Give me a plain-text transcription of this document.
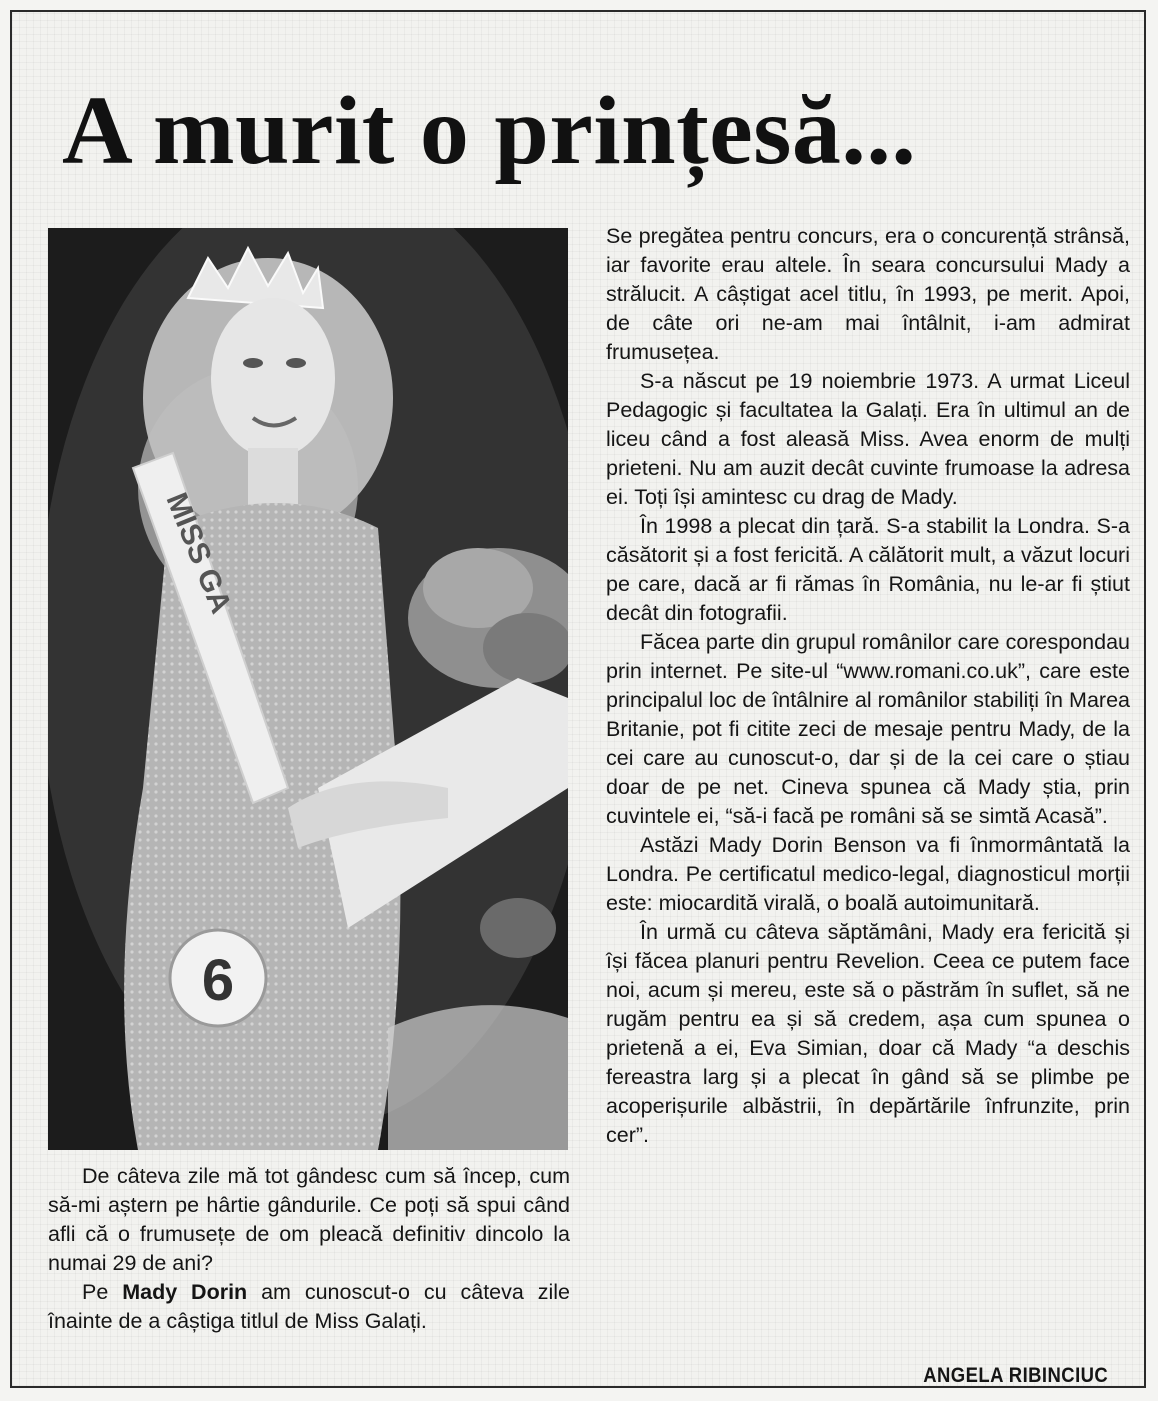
A murit o prințesă...
MISS GA
6

De câteva zile mă tot gândesc cum să încep, cum să-mi aștern pe hârtie gândurile. Ce poți să spui când afli că o frumusețe de om pleacă definitiv dincolo la numai 29 de ani?

Pe Mady Dorin am cunoscut-o cu câteva zile înainte de a câștiga titlul de Miss Galați.

Se pregătea pentru concurs, era o concurență strânsă, iar favorite erau altele. În seara concursului Mady a strălucit. A câștigat acel titlu, în 1993, pe merit. Apoi, de câte ori ne-am mai întâlnit, i-am admirat frumusețea.

S-a născut pe 19 noiembrie 1973. A urmat Liceul Pedagogic și facultatea la Galați. Era în ultimul an de liceu când a fost aleasă Miss. Avea enorm de mulți prieteni. Nu am auzit decât cuvinte frumoase la adresa ei. Toți își amintesc cu drag de Mady.

În 1998 a plecat din țară. S-a stabilit la Londra. S-a căsătorit și a fost fericită. A călătorit mult, a văzut locuri pe care, dacă ar fi rămas în România, nu le-ar fi știut decât din fotografii.

Făcea parte din grupul românilor care corespondau prin internet. Pe site-ul “www.romani.co.uk”, care este principalul loc de întâlnire al românilor stabiliți în Marea Britanie, pot fi citite zeci de mesaje pentru Mady, de la cei care au cunoscut-o, dar și de la cei care o știau doar de pe net. Cineva spunea că Mady știa, prin cuvintele ei, “să-i facă pe români să se simtă Acasă”.

Astăzi Mady Dorin Benson va fi înmormântată la Londra. Pe certificatul medico-legal, diagnosticul morții este: miocardită virală, o boală autoimunitară.

În urmă cu câteva săptămâni, Mady era fericită și își făcea planuri pentru Revelion. Ceea ce putem face noi, acum și mereu, este să o păstrăm în suflet, să ne rugăm pentru ea și să credem, așa cum spunea o prietenă a ei, Eva Simian, doar că Mady “a deschis fereastra larg și a plecat în gând să se plimbe pe acoperișurile albăstrii, în depărtările înfrunzite, prin cer”.

ANGELA RIBINCIUC
